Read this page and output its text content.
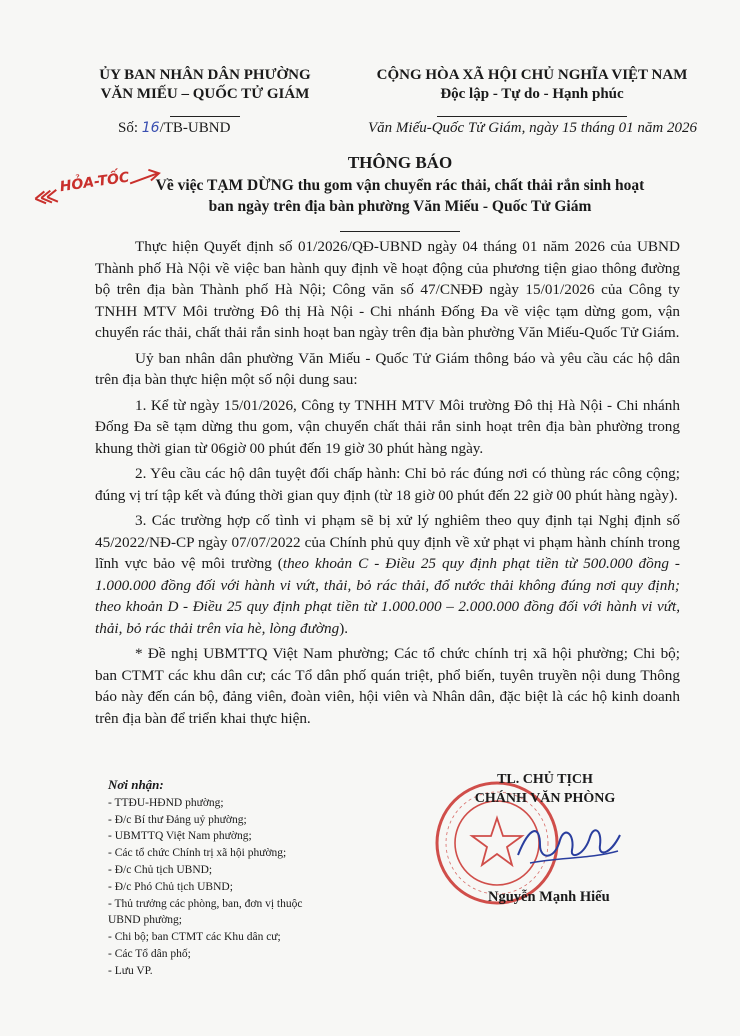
ỦY BAN NHÂN DÂN PHƯỜNG
VĂN MIẾU – QUỐC TỬ GIÁM
CỘNG HÒA XÃ HỘI CHỦ NGHĨA VIỆT NAM
Độc lập - Tự do - Hạnh phúc
Số: 16/TB-UBND	Văn Miếu-Quốc Tử Giám, ngày 15 tháng 01 năm 2026
HỎA-TỐC
THÔNG BÁO
Về việc TẠM DỪNG thu gom vận chuyển rác thải, chất thải rắn sinh hoạt
ban ngày trên địa bàn phường Văn Miếu - Quốc Tử Giám

Thực hiện Quyết định số 01/2026/QĐ-UBND ngày 04 tháng 01 năm 2026 của UBND Thành phố Hà Nội về việc ban hành quy định về hoạt động của phương tiện giao thông đường bộ trên địa bàn Thành phố Hà Nội; Công văn số 47/CNĐĐ ngày 15/01/2026 của Công ty TNHH MTV Môi trường Đô thị Hà Nội - Chi nhánh Đống Đa về việc tạm dừng gom, vận chuyển rác thải, chất thải rắn sinh hoạt ban ngày trên địa bàn phường Văn Miếu-Quốc Tử Giám.

Uỷ ban nhân dân phường Văn Miếu - Quốc Tử Giám thông báo và yêu cầu các hộ dân trên địa bàn thực hiện một số nội dung sau:

1. Kể từ ngày 15/01/2026, Công ty TNHH MTV Môi trường Đô thị Hà Nội - Chi nhánh Đống Đa sẽ tạm dừng thu gom, vận chuyển chất thải rắn sinh hoạt trên địa bàn phường trong khung thời gian từ 06giờ 00 phút đến 19 giờ 30 phút hàng ngày.

2. Yêu cầu các hộ dân tuyệt đối chấp hành: Chỉ bỏ rác đúng nơi có thùng rác công cộng; đúng vị trí tập kết và đúng thời gian quy định (từ 18 giờ 00 phút đến 22 giờ 00 phút hàng ngày).

3. Các trường hợp cố tình vi phạm sẽ bị xử lý nghiêm theo quy định tại Nghị định số 45/2022/NĐ-CP ngày 07/07/2022 của Chính phủ quy định về xử phạt vi phạm hành chính trong lĩnh vực bảo vệ môi trường (theo khoản C - Điều 25 quy định phạt tiền từ 500.000 đồng - 1.000.000 đồng đối với hành vi vứt, thải, bỏ rác thải, đổ nước thải không đúng nơi quy định; theo khoản D - Điều 25 quy định phạt tiền từ 1.000.000 – 2.000.000 đồng đối với hành vi vứt, thải, bỏ rác thải trên vỉa hè, lòng đường).

* Đề nghị UBMTTQ Việt Nam phường; Các tổ chức chính trị xã hội phường; Chi bộ; ban CTMT các khu dân cư; các Tổ dân phố quán triệt, phổ biến, tuyên truyền nội dung Thông báo này đến cán bộ, đảng viên, đoàn viên, hội viên và Nhân dân, đặc biệt là các hộ kinh doanh trên địa bàn để triển khai thực hiện.

Nơi nhận:
- TTĐU-HĐND phường;
- Đ/c Bí thư Đảng uỷ phường;
- UBMTTQ Việt Nam phường;
- Các tổ chức Chính trị xã hội phường;
- Đ/c Chủ tịch UBND;
- Đ/c Phó Chủ tịch UBND;
- Thủ trưởng các phòng, ban, đơn vị thuộc
UBND phường;
- Chi bộ; ban CTMT các Khu dân cư;
- Các Tổ dân phố;
- Lưu VP.
TL. CHỦ TỊCH
CHÁNH VĂN PHÒNG
Nguyễn Mạnh Hiếu
